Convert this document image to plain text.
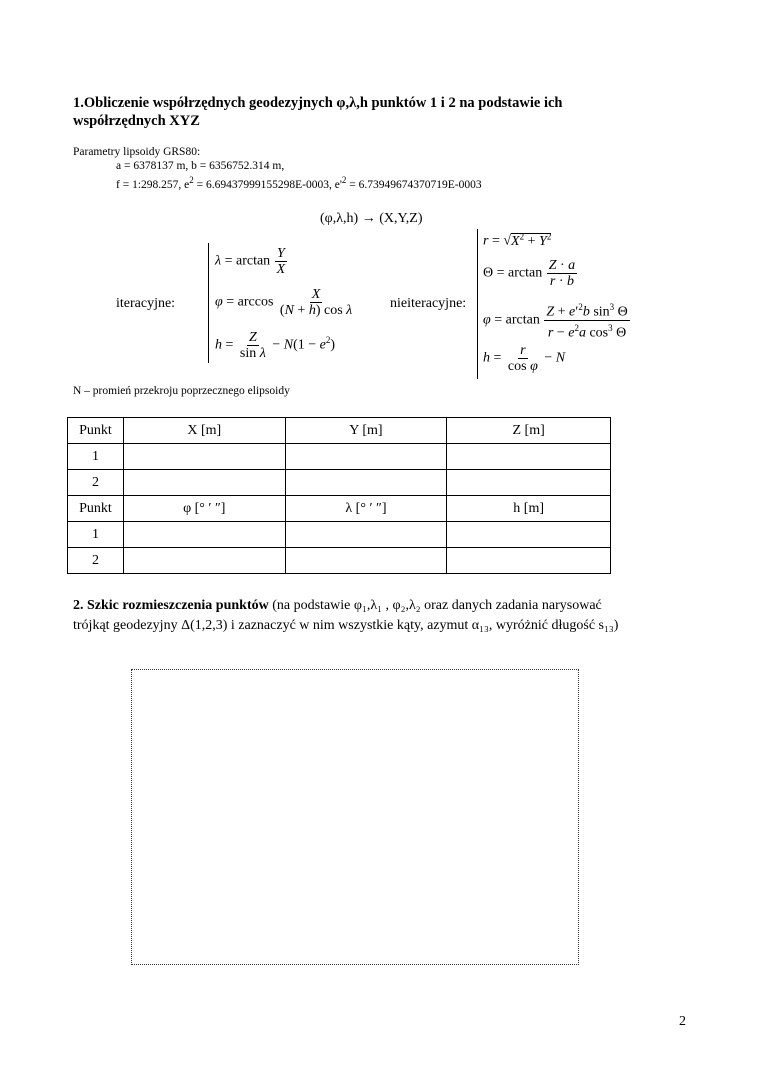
1.Obliczenie współrzędnych geodezyjnych φ,λ,h punktów 1 i 2 na podstawie ich
współrzędnych XYZ
Parametry lipsoidy GRS80:
a = 6378137 m, b = 6356752.314 m,
f = 1:298.257, $e^2 = 6.69437999155298E-0003$, $e'^2 = 6.73949674370719E-0003$
(φ,λ,h) → (X,Y,Z)
iteracyjne:
$\lambda = \arctan \frac{Y}{X}$
$\varphi = \arccos \frac{X}{\text{(N + h) cos λ}}$
$h = \frac{Z}{\text{sin λ}} - N(1 - e^2)$
nieiteracyjne:
$r = √X^2 + Y^2$
$\Theta = \arctan \frac{Z \cdot a}{r \cdot b}$
$\varphi = \arctan \frac{Z + e'^2b \sin^3 \Theta}{r - e^2a \cos^3 \Theta}$
$h = \frac{r}{\text{cos φ}} - N$
N – promień przekroju poprzecznego elipsoidy
Punkt	X [m]	Y [m]	Z [m]
1			
2			
Punkt	φ [° ′ ″]	λ [° ′ ″]	h [m]
1			
2			
2. Szkic rozmieszczenia punktów (na podstawie φ₁,λ₁ , φ₂,λ₂ oraz danych zadania narysować
trójkąt geodezyjny Δ(1,2,3) i zaznaczyć w nim wszystkie kąty, azymut α₁₃, wyróżnić długość s₁₃)
2
